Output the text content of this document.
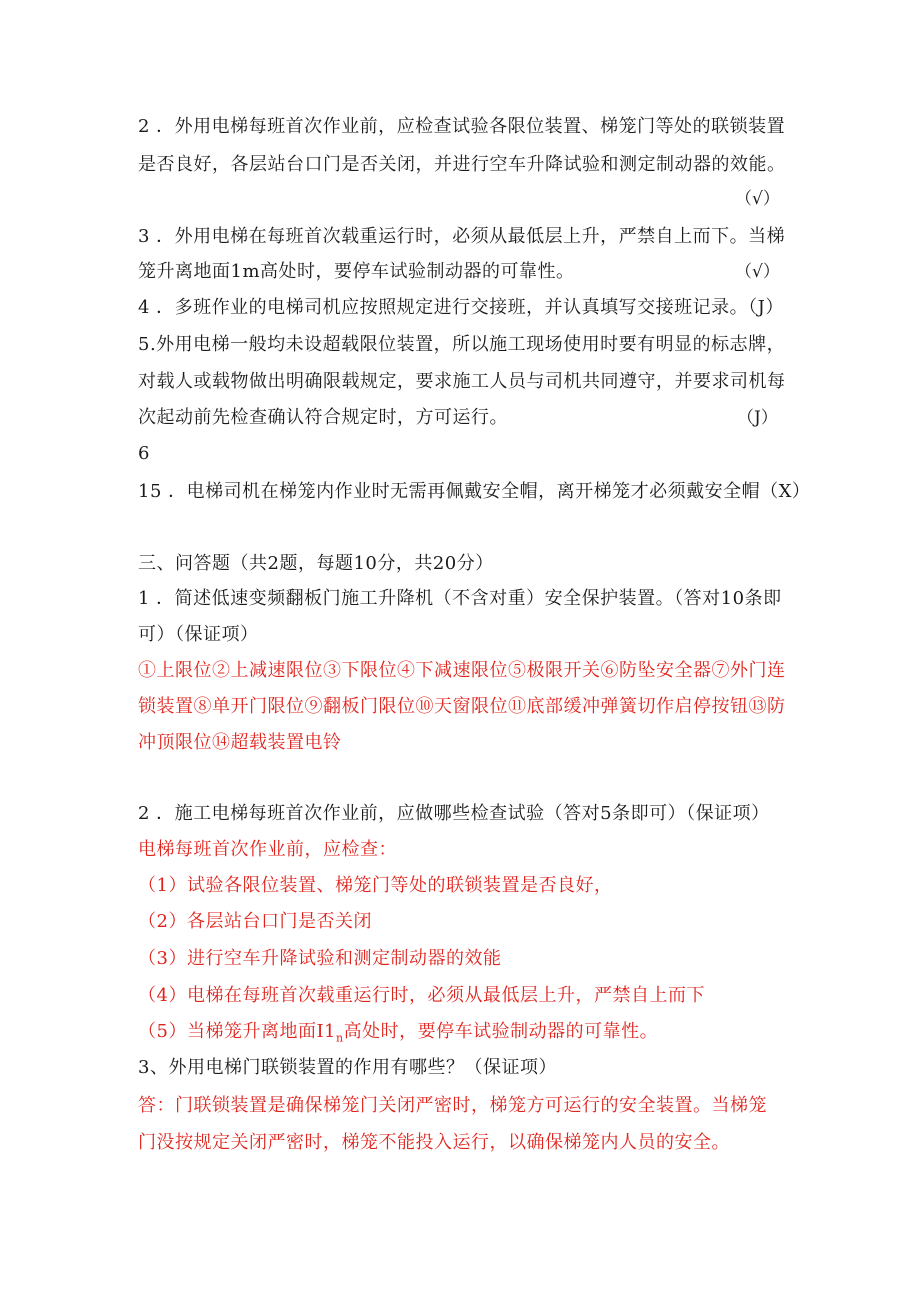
2 ．外用电梯每班首次作业前，应检查试验各限位装置、梯笼门等处的联锁装置
是否良好，各层站台口门是否关闭，并进行空车升降试验和测定制动器的效能。
（√）
3 ．外用电梯在每班首次载重运行时，必须从最低层上升，严禁自上而下。当梯
笼升离地面1m高处时，要停车试验制动器的可靠性。	（√）
4 ．多班作业的电梯司机应按照规定进行交接班，并认真填写交接班记录。（J）
5.外用电梯一般均未设超载限位装置，所以施工现场使用时要有明显的标志牌，
对载人或载物做出明确限载规定，要求施工人员与司机共同遵守，并要求司机每
次起动前先检查确认符合规定时，方可运行。	（J）
6
15 ．电梯司机在梯笼内作业时无需再佩戴安全帽，离开梯笼才必须戴安全帽（X）
三、问答题（共2题，每题10分，共20分）
1 ．简述低速变频翻板门施工升降机（不含对重）安全保护装置。（答对10条即
可）（保证项）
①上限位②上减速限位③下限位④下减速限位⑤极限开关⑥防坠安全器⑦外门连
锁装置⑧单开门限位⑨翻板门限位⑩天窗限位⑪底部缓冲弹簧切作启停按钮⑬防
冲顶限位⑭超载装置电铃
2 ．施工电梯每班首次作业前，应做哪些检查试验（答对5条即可）（保证项）
电梯每班首次作业前，应检查：
（1）试验各限位装置、梯笼门等处的联锁装置是否良好，
（2）各层站台口门是否关闭
（3）进行空车升降试验和测定制动器的效能
（4）电梯在每班首次载重运行时，必须从最低层上升，严禁自上而下
（5）当梯笼升离地面$I1_n$高处时，要停车试验制动器的可靠性。
3、外用电梯门联锁装置的作用有哪些？（保证项）
答：门联锁装置是确保梯笼门关闭严密时，梯笼方可运行的安全装置。当梯笼
门没按规定关闭严密时，梯笼不能投入运行，以确保梯笼内人员的安全。
